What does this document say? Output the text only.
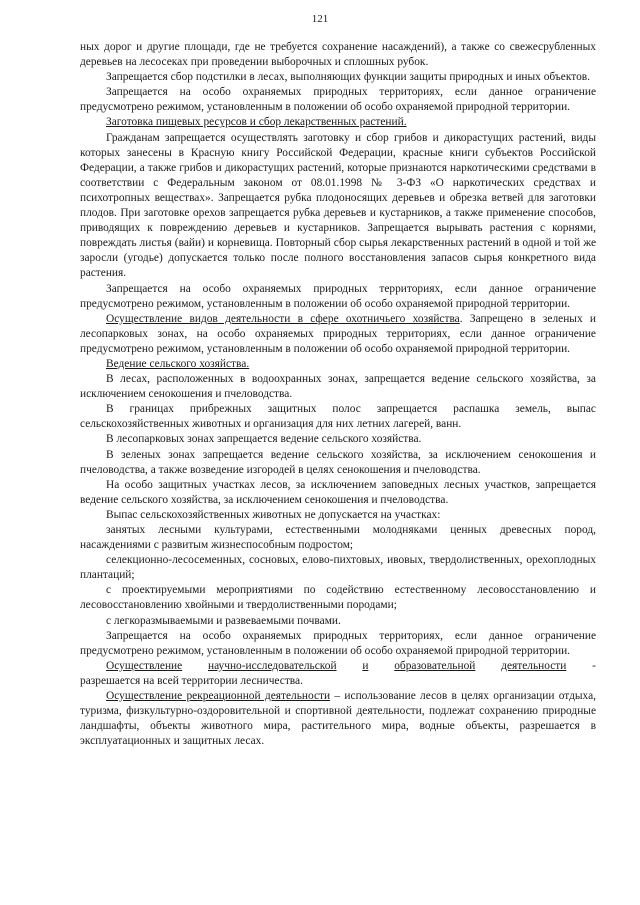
121

ных дорог и другие площади, где не требуется сохранение насаждений), а также со свежесрубленных деревьев на лесосеках при проведении выборочных и сплошных рубок.

Запрещается сбор подстилки в лесах, выполняющих функции защиты природных и иных объектов.

Запрещается на особо охраняемых природных территориях, если данное ограничение предусмотрено режимом, установленным в положении об особо охраняемой природной территории.

Заготовка пищевых ресурсов и сбор лекарственных растений.

Гражданам запрещается осуществлять заготовку и сбор грибов и дикорастущих растений, виды которых занесены в Красную книгу Российской Федерации, красные книги субъектов Российской Федерации, а также грибов и дикорастущих растений, которые признаются наркотическими средствами в соответствии с Федеральным законом от 08.01.1998 № 3-ФЗ «О наркотических средствах и психотропных веществах». Запрещается рубка плодоносящих деревьев и обрезка ветвей для заготовки плодов. При заготовке орехов запрещается рубка деревьев и кустарников, а также применение способов, приводящих к повреждению деревьев и кустарников. Запрещается вырывать растения с корнями, повреждать листья (вайи) и корневища. Повторный сбор сырья лекарственных растений в одной и той же заросли (угодье) допускается только после полного восстановления запасов сырья конкретного вида растения.

Запрещается на особо охраняемых природных территориях, если данное ограничение предусмотрено режимом, установленным в положении об особо охраняемой природной территории.

Осуществление видов деятельности в сфере охотничьего хозяйства. Запрещено в зеленых и лесопарковых зонах, на особо охраняемых природных территориях, если данное ограничение предусмотрено режимом, установленным в положении об особо охраняемой природной территории.

Ведение сельского хозяйства.

В лесах, расположенных в водоохранных зонах, запрещается ведение сельского хозяйства, за исключением сенокошения и пчеловодства.

В границах прибрежных защитных полос запрещается распашка земель, выпас сельскохозяйственных животных и организация для них летних лагерей, ванн.

В лесопарковых зонах запрещается ведение сельского хозяйства.

В зеленых зонах запрещается ведение сельского хозяйства, за исключением сенокошения и пчеловодства, а также возведение изгородей в целях сенокошения и пчеловодства.

На особо защитных участках лесов, за исключением заповедных лесных участков, запрещается ведение сельского хозяйства, за исключением сенокошения и пчеловодства.

Выпас сельскохозяйственных животных не допускается на участках:

занятых лесными культурами, естественными молодняками ценных древесных пород, насаждениями с развитым жизнеспособным подростом;

селекционно-лесосеменных, сосновых, елово-пихтовых, ивовых, твердолиственных, орехоплодных плантаций;

с проектируемыми мероприятиями по содействию естественному лесовосстановлению и лесовосстановлению хвойными и твердолиственными породами;

с легкоразмываемыми и развеваемыми почвами.

Запрещается на особо охраняемых природных территориях, если данное ограничение предусмотрено режимом, установленным в положении об особо охраняемой природной территории.

Осуществление научно-исследовательской и образовательной деятельности -

разрешается на всей территории лесничества.

Осуществление рекреационной деятельности – использование лесов в целях организации отдыха, туризма, физкультурно-оздоровительной и спортивной деятельности, подлежат сохранению природные ландшафты, объекты животного мира, растительного мира, водные объекты, разрешается в эксплуатационных и защитных лесах.
